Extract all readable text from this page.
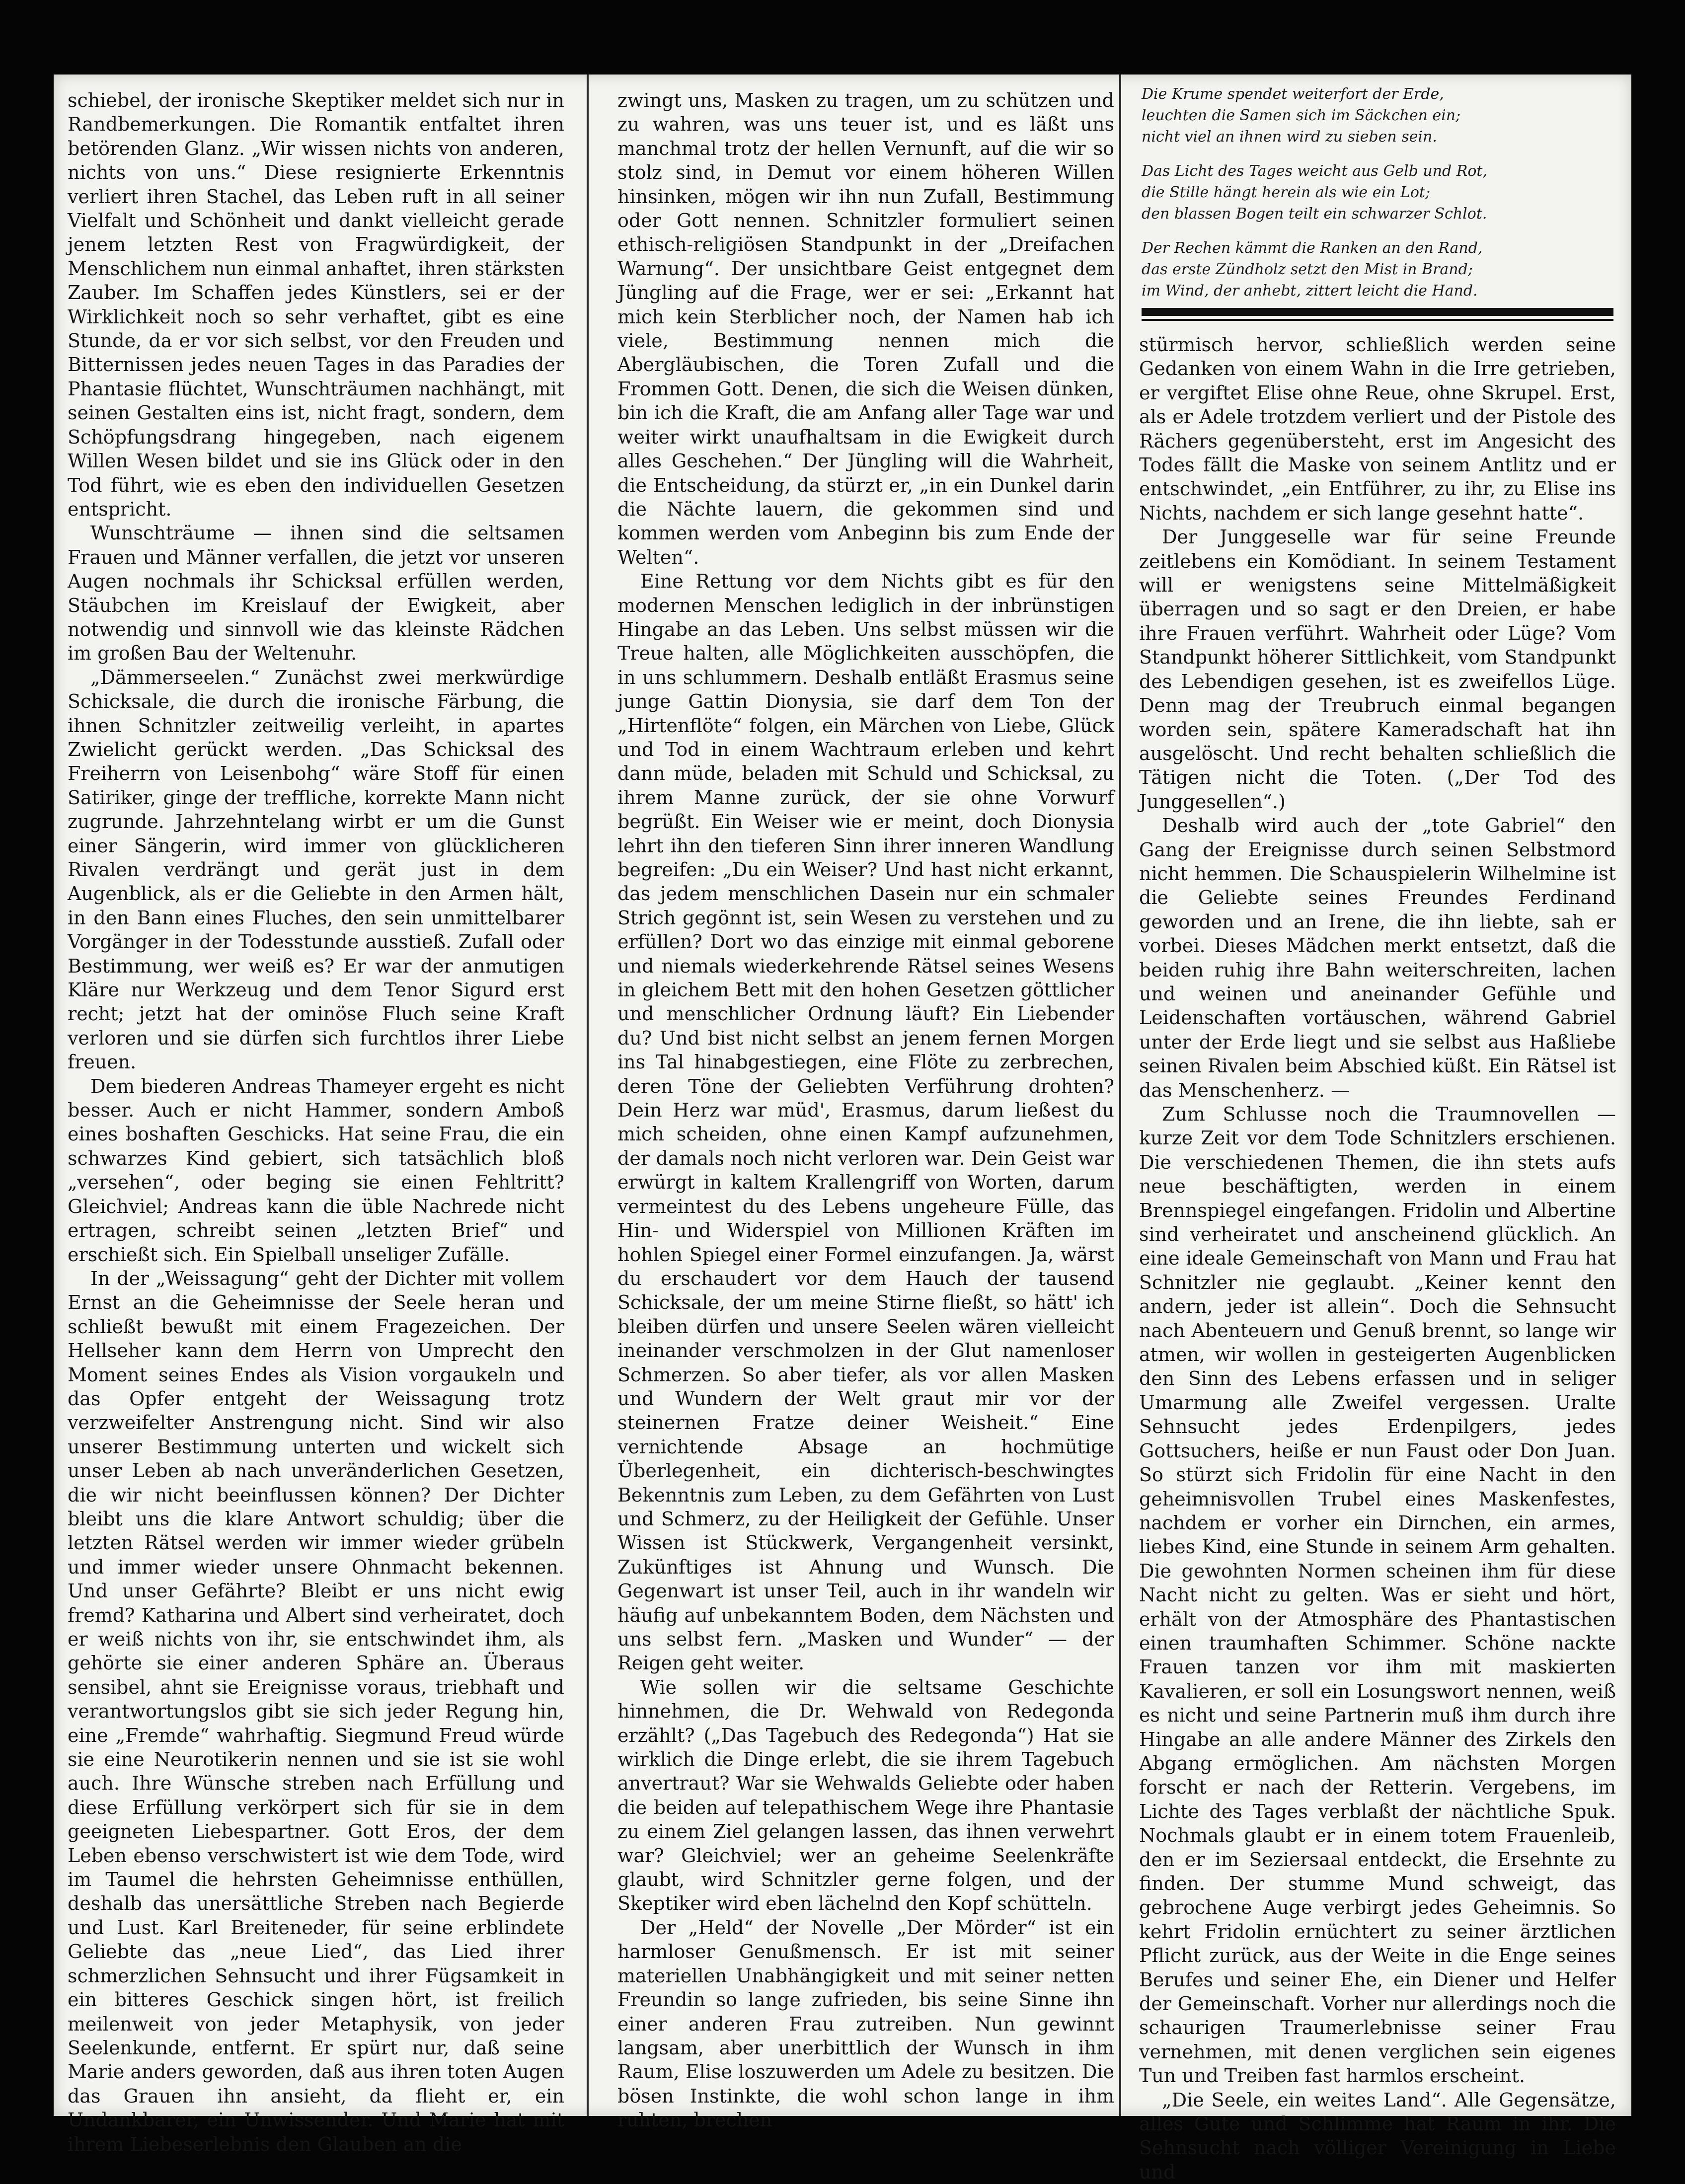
schiebel, der ironische Skeptiker meldet sich nur in Randbemerkungen. Die Romantik entfaltet ihren betörenden Glanz. „Wir wissen nichts von anderen, nichts von uns.“ Diese resignierte Erkenntnis verliert ihren Stachel, das Leben ruft in all seiner Vielfalt und Schönheit und dankt vielleicht gerade jenem letzten Rest von Fragwürdigkeit, der Menschlichem nun einmal anhaftet, ihren stärksten Zauber. Im Schaffen jedes Künstlers, sei er der Wirklichkeit noch so sehr verhaftet, gibt es eine Stunde, da er vor sich selbst, vor den Freuden und Bitternissen jedes neuen Tages in das Paradies der Phantasie flüchtet, Wunschträumen nachhängt, mit seinen Gestalten eins ist, nicht fragt, sondern, dem Schöpfungsdrang hingegeben, nach eigenem Willen Wesen bildet und sie ins Glück oder in den Tod führt, wie es eben den individuellen Gesetzen entspricht.

Wunschträume — ihnen sind die seltsamen Frauen und Männer verfallen, die jetzt vor unseren Augen nochmals ihr Schicksal erfüllen werden, Stäubchen im Kreislauf der Ewigkeit, aber notwendig und sinnvoll wie das kleinste Rädchen im großen Bau der Weltenuhr.

„Dämmerseelen.“ Zunächst zwei merkwürdige Schicksale, die durch die ironische Färbung, die ihnen Schnitzler zeitweilig verleiht, in apartes Zwielicht gerückt werden. „Das Schicksal des Freiherrn von Leisenbohg“ wäre Stoff für einen Satiriker, ginge der treffliche, korrekte Mann nicht zugrunde. Jahrzehntelang wirbt er um die Gunst einer Sängerin, wird immer von glücklicheren Rivalen verdrängt und gerät just in dem Augenblick, als er die Geliebte in den Armen hält, in den Bann eines Fluches, den sein unmittelbarer Vorgänger in der Todesstunde ausstieß. Zufall oder Bestimmung, wer weiß es? Er war der anmutigen Kläre nur Werkzeug und dem Tenor Sigurd erst recht; jetzt hat der ominöse Fluch seine Kraft verloren und sie dürfen sich furchtlos ihrer Liebe freuen.

Dem biederen Andreas Thameyer ergeht es nicht besser. Auch er nicht Hammer, sondern Amboß eines boshaften Geschicks. Hat seine Frau, die ein schwarzes Kind gebiert, sich tatsächlich bloß „versehen“, oder beging sie einen Fehltritt? Gleichviel; Andreas kann die üble Nachrede nicht ertragen, schreibt seinen „letzten Brief“ und erschießt sich. Ein Spielball unseliger Zufälle.

In der „Weissagung“ geht der Dichter mit vollem Ernst an die Geheimnisse der Seele heran und schließt bewußt mit einem Fragezeichen. Der Hellseher kann dem Herrn von Umprecht den Moment seines Endes als Vision vorgaukeln und das Opfer entgeht der Weissagung trotz verzweifelter Anstrengung nicht. Sind wir also unserer Bestimmung unterten und wickelt sich unser Leben ab nach unveränderlichen Gesetzen, die wir nicht beeinflussen können? Der Dichter bleibt uns die klare Antwort schuldig; über die letzten Rätsel werden wir immer wieder grübeln und immer wieder unsere Ohnmacht bekennen. Und unser Gefährte? Bleibt er uns nicht ewig fremd? Katharina und Albert sind verheiratet, doch er weiß nichts von ihr, sie entschwindet ihm, als gehörte sie einer anderen Sphäre an. Überaus sensibel, ahnt sie Ereignisse voraus, triebhaft und verantwortungslos gibt sie sich jeder Regung hin, eine „Fremde“ wahrhaftig. Siegmund Freud würde sie eine Neurotikerin nennen und sie ist sie wohl auch. Ihre Wünsche streben nach Erfüllung und diese Erfüllung verkörpert sich für sie in dem geeigneten Liebespartner. Gott Eros, der dem Leben ebenso verschwistert ist wie dem Tode, wird im Taumel die hehrsten Geheimnisse enthüllen, deshalb das unersättliche Streben nach Begierde und Lust. Karl Breiteneder, für seine erblindete Geliebte das „neue Lied“, das Lied ihrer schmerzlichen Sehnsucht und ihrer Fügsamkeit in ein bitteres Geschick singen hört, ist freilich meilenweit von jeder Metaphysik, von jeder Seelenkunde, entfernt. Er spürt nur, daß seine Marie anders geworden, daß aus ihren toten Augen das Grauen ihn ansieht, da flieht er, ein Undankbarer, ein Unwissender. Und Marie hat mit ihrem Liebeserlebnis den Glauben an die

zwingt uns, Masken zu tragen, um zu schützen und zu wahren, was uns teuer ist, und es läßt uns manchmal trotz der hellen Vernunft, auf die wir so stolz sind, in Demut vor einem höheren Willen hinsinken, mögen wir ihn nun Zufall, Bestimmung oder Gott nennen. Schnitzler formuliert seinen ethisch-religiösen Standpunkt in der „Dreifachen Warnung“. Der unsichtbare Geist entgegnet dem Jüngling auf die Frage, wer er sei: „Erkannt hat mich kein Sterblicher noch, der Namen hab ich viele, Bestimmung nennen mich die Abergläubischen, die Toren Zufall und die Frommen Gott. Denen, die sich die Weisen dünken, bin ich die Kraft, die am Anfang aller Tage war und weiter wirkt unaufhaltsam in die Ewigkeit durch alles Geschehen.“ Der Jüngling will die Wahrheit, die Entscheidung, da stürzt er, „in ein Dunkel darin die Nächte lauern, die gekommen sind und kommen werden vom Anbeginn bis zum Ende der Welten“.

Eine Rettung vor dem Nichts gibt es für den modernen Menschen lediglich in der inbrünstigen Hingabe an das Leben. Uns selbst müssen wir die Treue halten, alle Möglichkeiten ausschöpfen, die in uns schlummern. Deshalb entläßt Erasmus seine junge Gattin Dionysia, sie darf dem Ton der „Hirtenflöte“ folgen, ein Märchen von Liebe, Glück und Tod in einem Wachtraum erleben und kehrt dann müde, beladen mit Schuld und Schicksal, zu ihrem Manne zurück, der sie ohne Vorwurf begrüßt. Ein Weiser wie er meint, doch Dionysia lehrt ihn den tieferen Sinn ihrer inneren Wandlung begreifen: „Du ein Weiser? Und hast nicht erkannt, das jedem menschlichen Dasein nur ein schmaler Strich gegönnt ist, sein Wesen zu verstehen und zu erfüllen? Dort wo das einzige mit einmal geborene und niemals wiederkehrende Rätsel seines Wesens in gleichem Bett mit den hohen Gesetzen göttlicher und menschlicher Ordnung läuft? Ein Liebender du? Und bist nicht selbst an jenem fernen Morgen ins Tal hinabgestiegen, eine Flöte zu zerbrechen, deren Töne der Geliebten Verführung drohten? Dein Herz war müd', Erasmus, darum ließest du mich scheiden, ohne einen Kampf aufzunehmen, der damals noch nicht verloren war. Dein Geist war erwürgt in kaltem Krallengriff von Worten, darum vermeintest du des Lebens ungeheure Fülle, das Hin- und Widerspiel von Millionen Kräften im hohlen Spiegel einer Formel einzufangen. Ja, wärst du erschaudert vor dem Hauch der tausend Schicksale, der um meine Stirne fließt, so hätt' ich bleiben dürfen und unsere Seelen wären vielleicht ineinander verschmolzen in der Glut namenloser Schmerzen. So aber tiefer, als vor allen Masken und Wundern der Welt graut mir vor der steinernen Fratze deiner Weisheit.“ Eine vernichtende Absage an hochmütige Überlegenheit, ein dichterisch-beschwingtes Bekenntnis zum Leben, zu dem Gefährten von Lust und Schmerz, zu der Heiligkeit der Gefühle. Unser Wissen ist Stückwerk, Vergangenheit versinkt, Zukünftiges ist Ahnung und Wunsch. Die Gegenwart ist unser Teil, auch in ihr wandeln wir häufig auf unbekanntem Boden, dem Nächsten und uns selbst fern. „Masken und Wunder“ — der Reigen geht weiter.

Wie sollen wir die seltsame Geschichte hinnehmen, die Dr. Wehwald von Redegonda erzählt? („Das Tagebuch des Redegonda“) Hat sie wirklich die Dinge erlebt, die sie ihrem Tagebuch anvertraut? War sie Wehwalds Geliebte oder haben die beiden auf telepathischem Wege ihre Phantasie zu einem Ziel gelangen lassen, das ihnen verwehrt war? Gleichviel; wer an geheime Seelenkräfte glaubt, wird Schnitzler gerne folgen, und der Skeptiker wird eben lächelnd den Kopf schütteln.

Der „Held“ der Novelle „Der Mörder“ ist ein harmloser Genußmensch. Er ist mit seiner materiellen Unabhängigkeit und mit seiner netten Freundin so lange zufrieden, bis seine Sinne ihn einer anderen Frau zutreiben. Nun gewinnt langsam, aber unerbittlich der Wunsch in ihm Raum, Elise loszuwerden um Adele zu besitzen. Die bösen Instinkte, die wohl schon lange in ihm ruhten, brechen

Die Krume spendet weiterfort der Erde,
leuchten die Samen sich im Säckchen ein;
nicht viel an ihnen wird zu sieben sein.
Das Licht des Tages weicht aus Gelb und Rot,
die Stille hängt herein als wie ein Lot;
den blassen Bogen teilt ein schwarzer Schlot.
Der Rechen kämmt die Ranken an den Rand,
das erste Zündholz setzt den Mist in Brand;
im Wind, der anhebt, zittert leicht die Hand.

stürmisch hervor, schließlich werden seine Gedanken von einem Wahn in die Irre getrieben, er vergiftet Elise ohne Reue, ohne Skrupel. Erst, als er Adele trotzdem verliert und der Pistole des Rächers gegenübersteht, erst im Angesicht des Todes fällt die Maske von seinem Antlitz und er entschwindet, „ein Entführer, zu ihr, zu Elise ins Nichts, nachdem er sich lange gesehnt hatte“.

Der Junggeselle war für seine Freunde zeitlebens ein Komödiant. In seinem Testament will er wenigstens seine Mittelmäßigkeit überragen und so sagt er den Dreien, er habe ihre Frauen verführt. Wahrheit oder Lüge? Vom Standpunkt höherer Sittlichkeit, vom Standpunkt des Lebendigen gesehen, ist es zweifellos Lüge. Denn mag der Treubruch einmal begangen worden sein, spätere Kameradschaft hat ihn ausgelöscht. Und recht behalten schließlich die Tätigen nicht die Toten. („Der Tod des Junggesellen“.)

Deshalb wird auch der „tote Gabriel“ den Gang der Ereignisse durch seinen Selbstmord nicht hemmen. Die Schauspielerin Wilhelmine ist die Geliebte seines Freundes Ferdinand geworden und an Irene, die ihn liebte, sah er vorbei. Dieses Mädchen merkt entsetzt, daß die beiden ruhig ihre Bahn weiterschreiten, lachen und weinen und aneinander Gefühle und Leidenschaften vortäuschen, während Gabriel unter der Erde liegt und sie selbst aus Haßliebe seinen Rivalen beim Abschied küßt. Ein Rätsel ist das Menschenherz. —

Zum Schlusse noch die Traumnovellen — kurze Zeit vor dem Tode Schnitzlers erschienen. Die verschiedenen Themen, die ihn stets aufs neue beschäftigten, werden in einem Brennspiegel eingefangen. Fridolin und Albertine sind verheiratet und anscheinend glücklich. An eine ideale Gemeinschaft von Mann und Frau hat Schnitzler nie geglaubt. „Keiner kennt den andern, jeder ist allein“. Doch die Sehnsucht nach Abenteuern und Genuß brennt, so lange wir atmen, wir wollen in gesteigerten Augenblicken den Sinn des Lebens erfassen und in seliger Umarmung alle Zweifel vergessen. Uralte Sehnsucht jedes Erdenpilgers, jedes Gottsuchers, heiße er nun Faust oder Don Juan. So stürzt sich Fridolin für eine Nacht in den geheimnisvollen Trubel eines Maskenfestes, nachdem er vorher ein Dirnchen, ein armes, liebes Kind, eine Stunde in seinem Arm gehalten. Die gewohnten Normen scheinen ihm für diese Nacht nicht zu gelten. Was er sieht und hört, erhält von der Atmosphäre des Phantastischen einen traumhaften Schimmer. Schöne nackte Frauen tanzen vor ihm mit maskierten Kavalieren, er soll ein Losungswort nennen, weiß es nicht und seine Partnerin muß ihm durch ihre Hingabe an alle andere Männer des Zirkels den Abgang ermöglichen. Am nächsten Morgen forscht er nach der Retterin. Vergebens, im Lichte des Tages verblaßt der nächtliche Spuk. Nochmals glaubt er in einem totem Frauenleib, den er im Seziersaal entdeckt, die Ersehnte zu finden. Der stumme Mund schweigt, das gebrochene Auge verbirgt jedes Geheimnis. So kehrt Fridolin ernüchtert zu seiner ärztlichen Pflicht zurück, aus der Weite in die Enge seines Berufes und seiner Ehe, ein Diener und Helfer der Gemeinschaft. Vorher nur allerdings noch die schaurigen Traumerlebnisse seiner Frau vernehmen, mit denen verglichen sein eigenes Tun und Treiben fast harmlos erscheint.

„Die Seele, ein weites Land“. Alle Gegensätze, alles Gute und Schlimme hat Raum in ihr. Die Sehnsucht nach völliger Vereinigung in Liebe und
